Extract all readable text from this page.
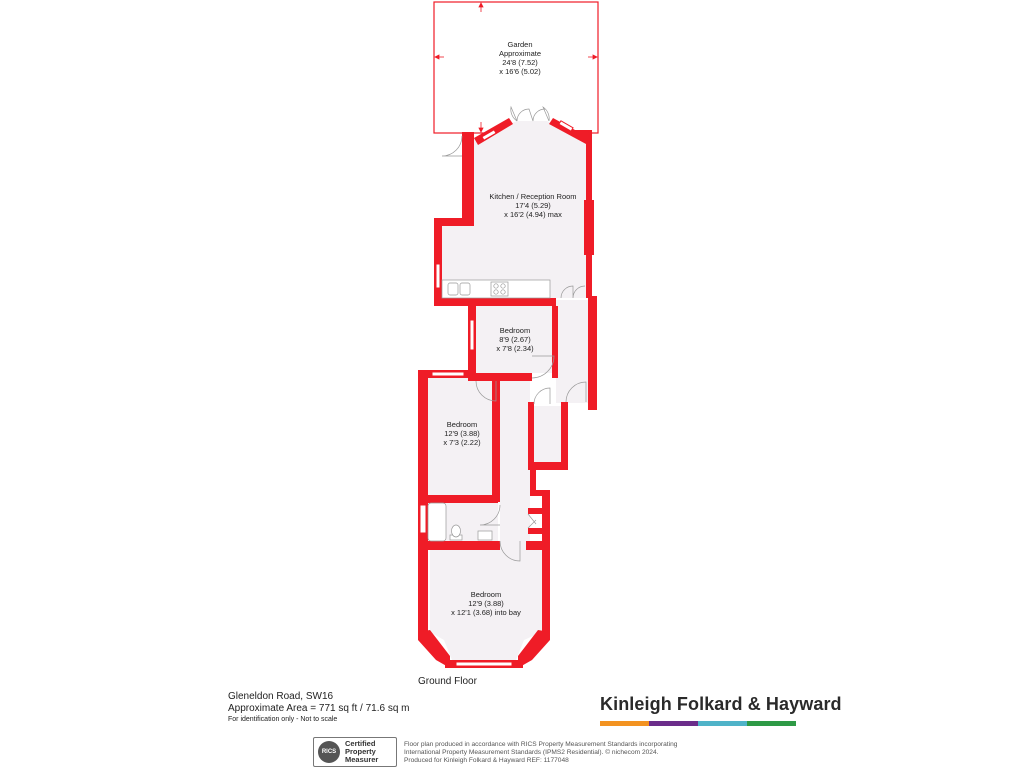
Garden
Approximate
24'8 (7.52)
x 16'6 (5.02)
Kitchen / Reception Room
17'4 (5.29)
x 16'2 (4.94) max
Bedroom
8'9 (2.67)
x 7'8 (2.34)
Bedroom
12'9 (3.88)
x 7'3 (2.22)
Bedroom
12'9 (3.88)
x 12'1 (3.68) into bay
Ground Floor
Gleneldon Road, SW16
Approximate Area = 771 sq ft / 71.6 sq m
For identification only - Not to scale
Kinleigh Folkard & Hayward
RICS
Certified
Property
Measurer
Floor plan produced in accordance with RICS Property Measurement Standards incorporating
International Property Measurement Standards (IPMS2 Residential). © nichecom 2024.
Produced for Kinleigh Folkard & Hayward REF: 1177048
